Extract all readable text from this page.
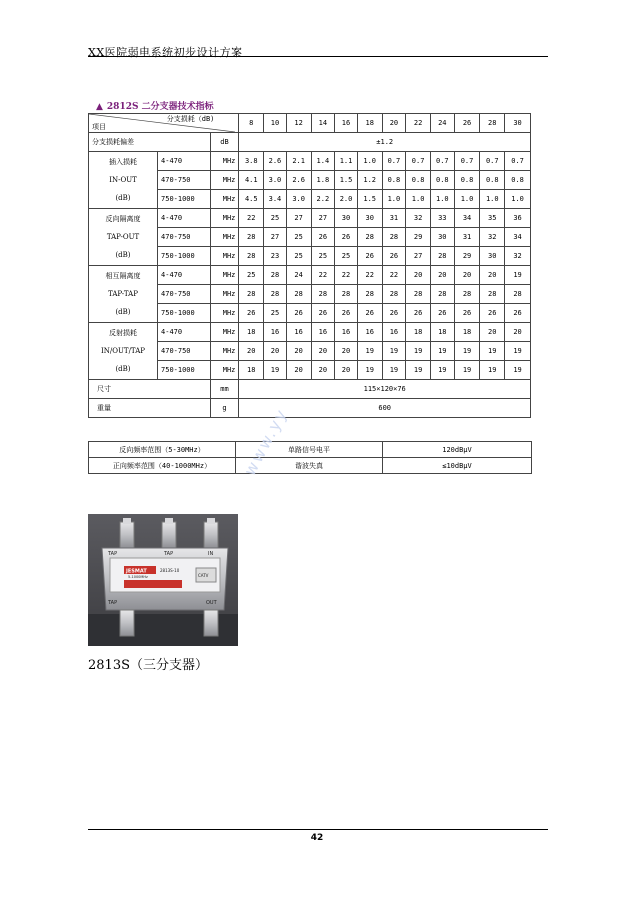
XX医院弱电系统初步设计方案
▲ 2812S 二分支器技术指标
分支损耗（dB)
项目			8	10	12	14	16	18	20	22	24	26	28	30
分支损耗偏差		dB	±1.2											
插入损耗
IN-OUT
(dB)	4-470	MHz	3.8	2.6	2.1	1.4	1.1	1.0	0.7	0.7	0.7	0.7	0.7	0.7
	470-750	MHz	4.1	3.0	2.6	1.8	1.5	1.2	0.8	0.8	0.8	0.8	0.8	0.8
	750-1000	MHz	4.5	3.4	3.0	2.2	2.0	1.5	1.0	1.0	1.0	1.0	1.0	1.0
反向隔离度
TAP-OUT
(dB)	4-470	MHz	22	25	27	27	30	30	31	32	33	34	35	36
	470-750	MHz	28	27	25	26	26	28	28	29	30	31	32	34
	750-1000	MHz	28	23	25	25	25	26	26	27	28	29	30	32
相互隔离度
TAP-TAP
(dB)	4-470	MHz	25	28	24	22	22	22	22	20	20	20	20	19
	470-750	MHz	28	28	28	28	28	28	28	28	28	28	28	28
	750-1000	MHz	26	25	26	26	26	26	26	26	26	26	26	26
反射损耗
IN/OUT/TAP
(dB)	4-470	MHz	18	16	16	16	16	16	16	18	18	18	20	20
	470-750	MHz	20	20	20	20	20	19	19	19	19	19	19	19
	750-1000	MHz	18	19	20	20	20	19	19	19	19	19	19	19
尺寸		mm	115×120×76											
重量		g	600											
反向频率范围（5-30MHz）	单路信号电平	120dBμV
正向频率范围（40-1000MHz）	谐波失真	≤10dBμV
www.yy
JESMAT	2813S-10
5-1000MHz	CATV
TAP	TAP	IN
TAP	OUT
2813S（三分支器）
42
